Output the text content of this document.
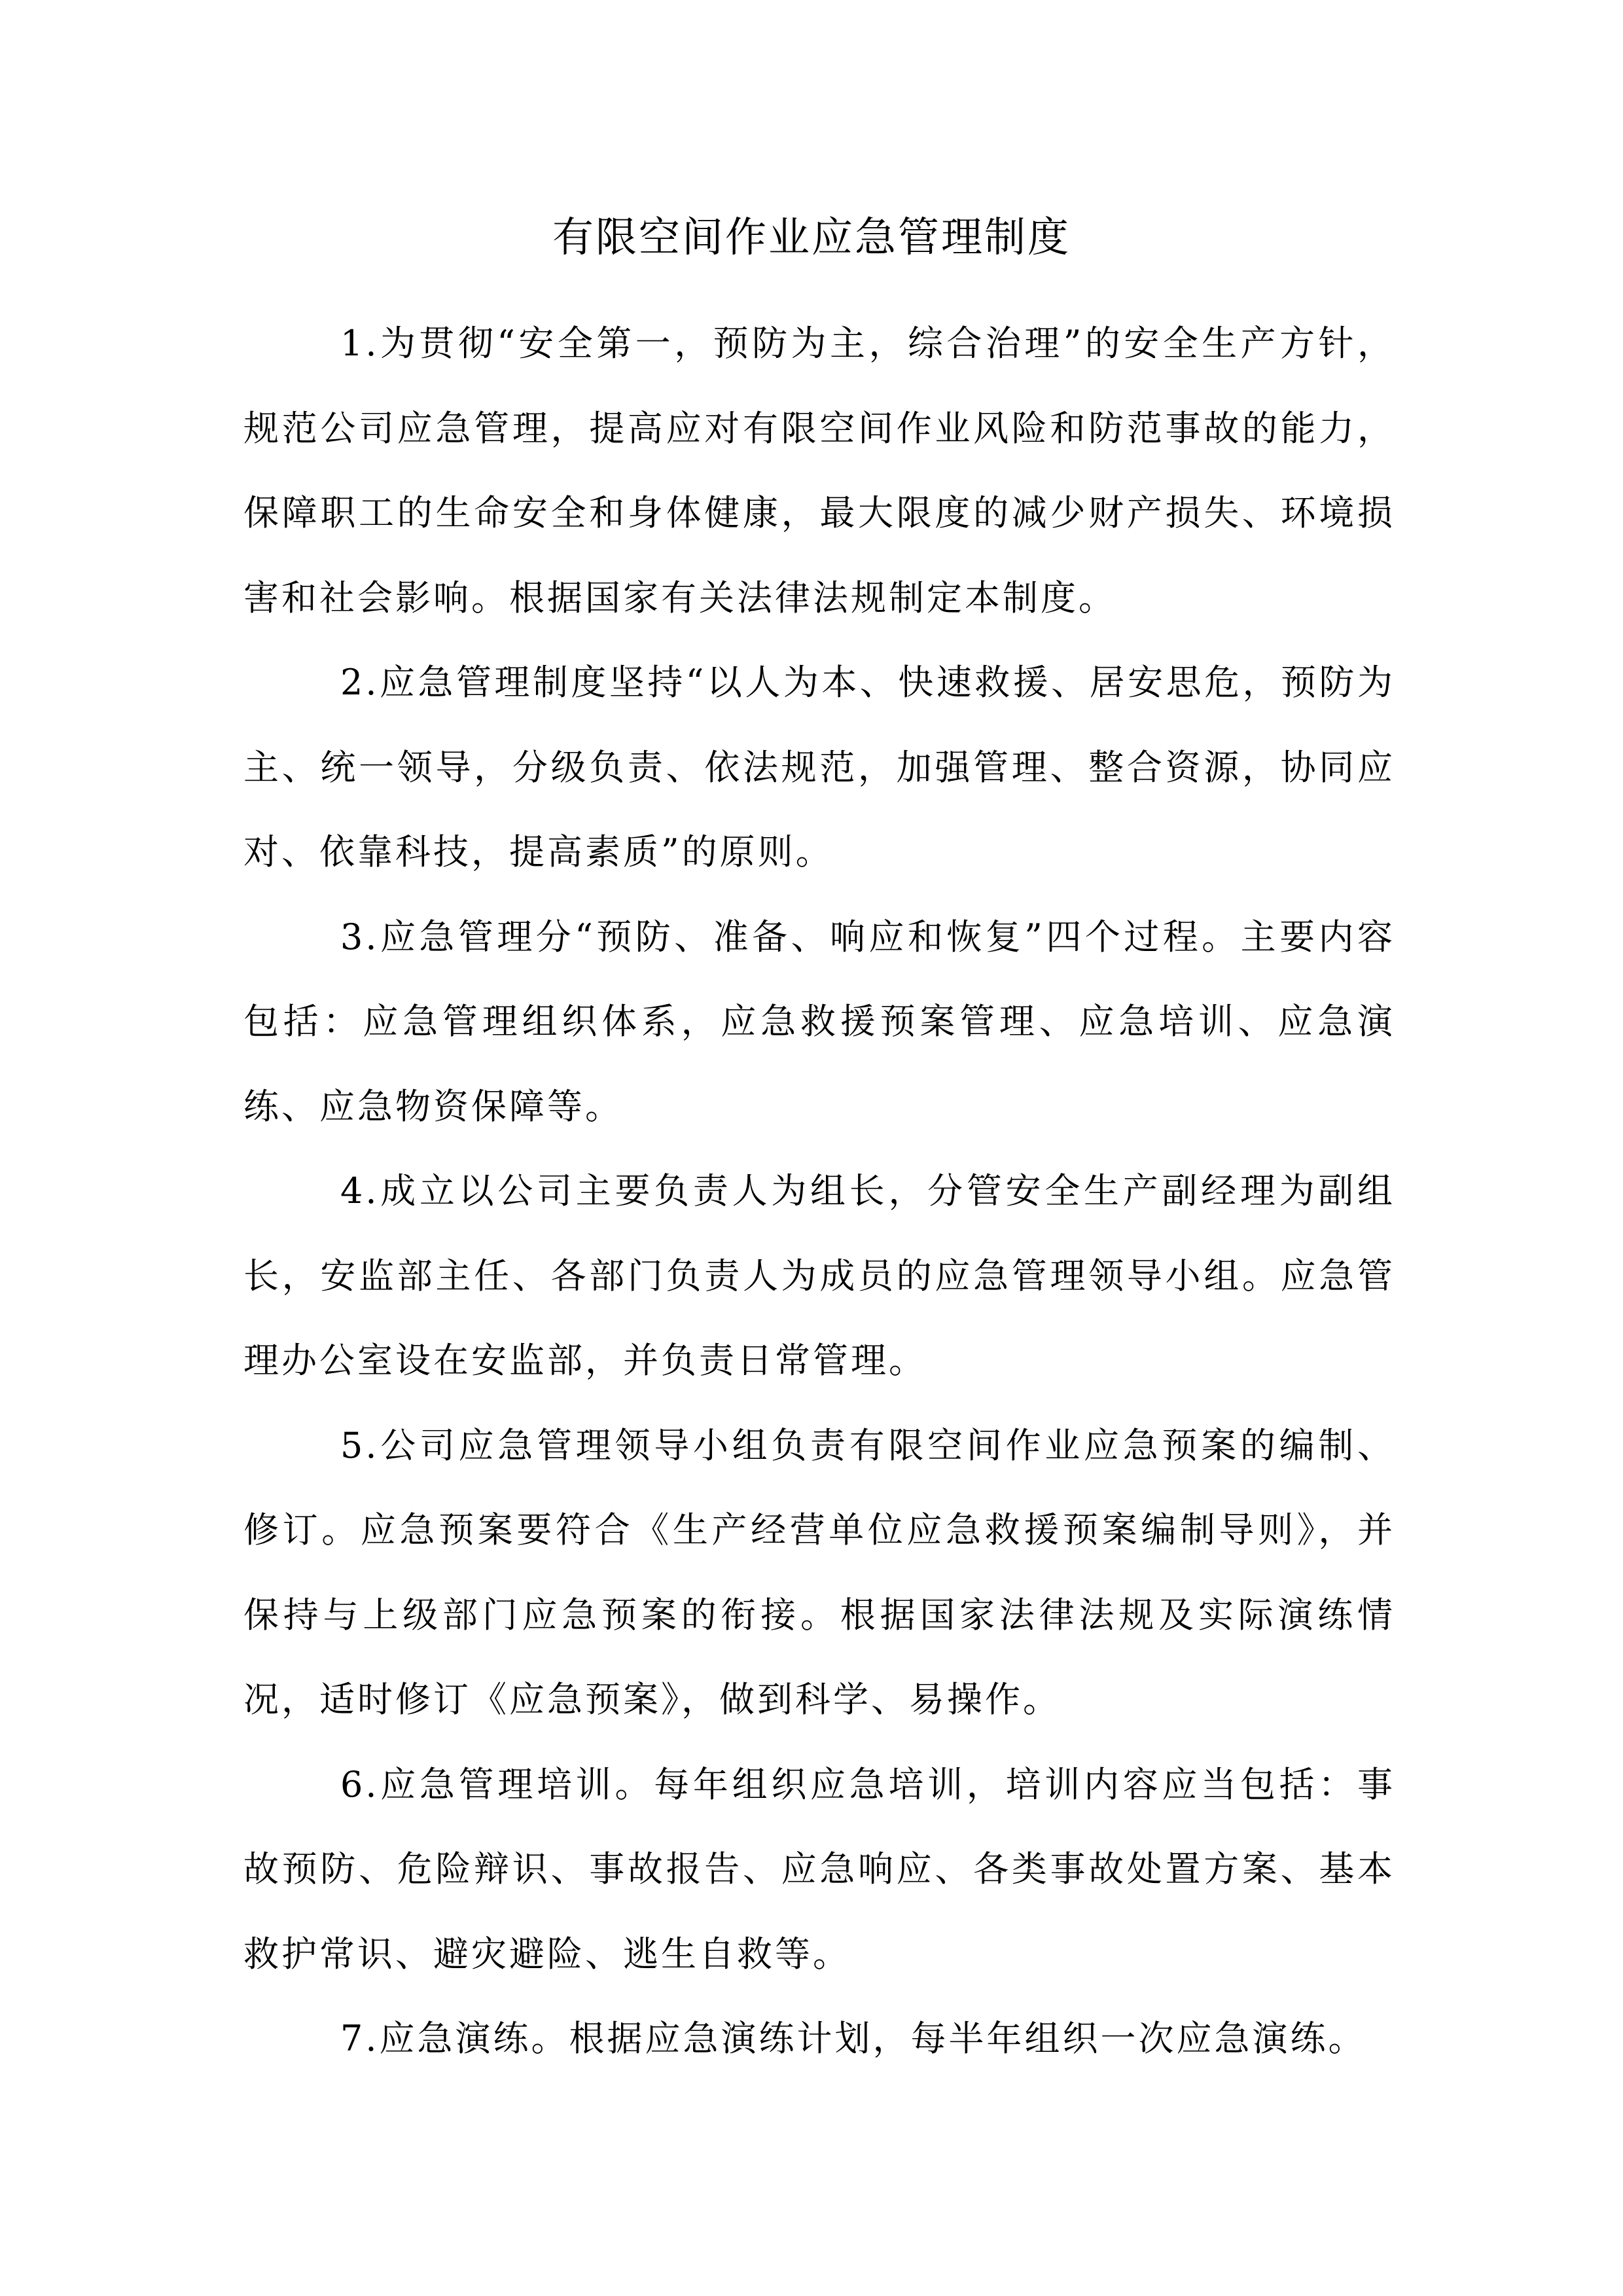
有限空间作业应急管理制度

1.为贯彻“安全第一，预防为主，综合治理”的安全生产方针，规范公司应急管理，提高应对有限空间作业风险和防范事故的能力，保障职工的生命安全和身体健康，最大限度的减少财产损失、环境损害和社会影响。根据国家有关法律法规制定本制度。

2.应急管理制度坚持“以人为本、快速救援、居安思危，预防为主、统一领导，分级负责、依法规范，加强管理、整合资源，协同应对、依靠科技，提高素质”的原则。

3.应急管理分“预防、准备、响应和恢复”四个过程。主要内容包括：应急管理组织体系，应急救援预案管理、应急培训、应急演练、应急物资保障等。

4.成立以公司主要负责人为组长，分管安全生产副经理为副组长，安监部主任、各部门负责人为成员的应急管理领导小组。应急管理办公室设在安监部，并负责日常管理。

5.公司应急管理领导小组负责有限空间作业应急预案的编制、修订。应急预案要符合《生产经营单位应急救援预案编制导则》，并保持与上级部门应急预案的衔接。根据国家法律法规及实际演练情况，适时修订《应急预案》，做到科学、易操作。

6.应急管理培训。每年组织应急培训，培训内容应当包括：事故预防、危险辩识、事故报告、应急响应、各类事故处置方案、基本救护常识、避灾避险、逃生自救等。

7.应急演练。根据应急演练计划，每半年组织一次应急演练。
